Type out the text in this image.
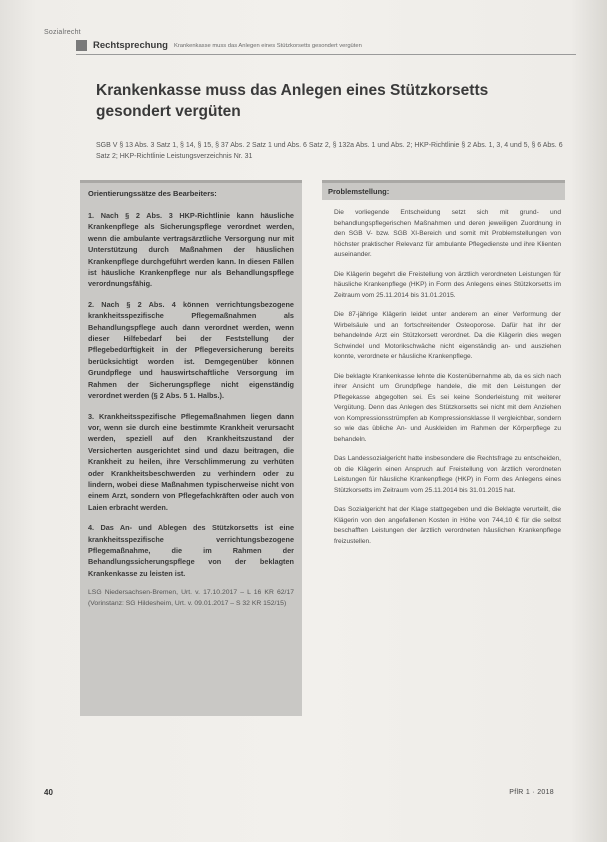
Sozialrecht
Rechtsprechung Krankenkasse muss das Anlegen eines Stützkorsetts gesondert vergüten
Krankenkasse muss das Anlegen eines Stützkorsetts gesondert vergüten
SGB V § 13 Abs. 3 Satz 1, § 14, § 15, § 37 Abs. 2 Satz 1 und Abs. 6 Satz 2, § 132a Abs. 1 und Abs. 2; HKP-Richtlinie § 2 Abs. 1, 3, 4 und 5, § 6 Abs. 6 Satz 2; HKP-Richtlinie Leistungsverzeichnis Nr. 31
Orientierungssätze des Bearbeiters:

1. Nach § 2 Abs. 3 HKP-Richtlinie kann häusliche Krankenpflege als Sicherungspflege verordnet werden, wenn die ambulante vertragsärztliche Versorgung nur mit Unterstützung durch Maßnahmen der häuslichen Krankenpflege durchgeführt werden kann. In diesen Fällen ist häusliche Krankenpflege nur als Behandlungspflege verordnungsfähig.

2. Nach § 2 Abs. 4 können verrichtungsbezogene krankheitsspezifische Pflegemaßnahmen als Behandlungspflege auch dann verordnet werden, wenn dieser Hilfebedarf bei der Feststellung der Pflegebedürftigkeit in der Pflegeversicherung bereits berücksichtigt worden ist. Demgegenüber können Grundpflege und hauswirtschaftliche Versorgung im Rahmen der Sicherungspflege nicht eigenständig verordnet werden (§ 2 Abs. 5 1. Halbs.).

3. Krankheitsspezifische Pflegemaßnahmen liegen dann vor, wenn sie durch eine bestimmte Krankheit verursacht werden, speziell auf den Krankheitszustand der Versicherten ausgerichtet sind und dazu beitragen, die Krankheit zu heilen, ihre Verschlimmerung zu verhüten oder Krankheitsbeschwerden zu verhindern oder zu lindern, wobei diese Maßnahmen typischerweise nicht von einem Arzt, sondern von Pflegefachkräften oder auch von Laien erbracht werden.

4. Das An- und Ablegen des Stützkorsetts ist eine krankheitsspezifische verrichtungsbezogene Pflegemaßnahme, die im Rahmen der Behandlungssicherungspflege von der beklagten Krankenkasse zu leisten ist.

LSG Niedersachsen-Bremen, Urt. v. 17.10.2017 – L 16 KR 62/17 (Vorinstanz: SG Hildesheim, Urt. v. 09.01.2017 – S 32 KR 152/15)

Problemstellung:

Die vorliegende Entscheidung setzt sich mit grund- und behandlungspflegerischen Maßnahmen und deren jeweiligen Zuordnung in den SGB V- bzw. SGB XI-Bereich und somit mit Problemstellungen von höchster praktischer Relevanz für ambulante Pflegedienste und ihre Klienten auseinander.

Die Klägerin begehrt die Freistellung von ärztlich verordneten Leistungen für häusliche Krankenpflege (HKP) in Form des Anlegens eines Stützkorsetts im Zeitraum vom 25.11.2014 bis 31.01.2015.

Die 87-jährige Klägerin leidet unter anderem an einer Verformung der Wirbelsäule und an fortschreitender Osteoporose. Dafür hat ihr der behandelnde Arzt ein Stützkorsett verordnet. Da die Klägerin dies wegen Schwindel und Motorikschwäche nicht eigenständig an- und ausziehen konnte, verordnete er häusliche Krankenpflege.

Die beklagte Krankenkasse lehnte die Kostenübernahme ab, da es sich nach ihrer Ansicht um Grundpflege handele, die mit den Leistungen der Pflegekasse abgegolten sei. Es sei keine Sonderleistung mit weiterer Vergütung. Denn das Anlegen des Stützkorsetts sei nicht mit dem Anziehen von Kompressionsstrümpfen ab Kompressionsklasse II vergleichbar, sondern so wie das übliche An- und Auskleiden im Rahmen der Körperpflege zu behandeln.

Das Landessozialgericht hatte insbesondere die Rechtsfrage zu entscheiden, ob die Klägerin einen Anspruch auf Freistellung von ärztlich verordneten Leistungen für häusliche Krankenpflege (HKP) in Form des Anlegens eines Stützkorsetts im Zeitraum vom 25.11.2014 bis 31.01.2015 hat.

Das Sozialgericht hat der Klage stattgegeben und die Beklagte verurteilt, die Klägerin von den angefallenen Kosten in Höhe von 744,10 € für die selbst beschafften Leistungen der ärztlich verordneten häuslichen Krankenpflege freizustellen.

40	PflR 1 · 2018
